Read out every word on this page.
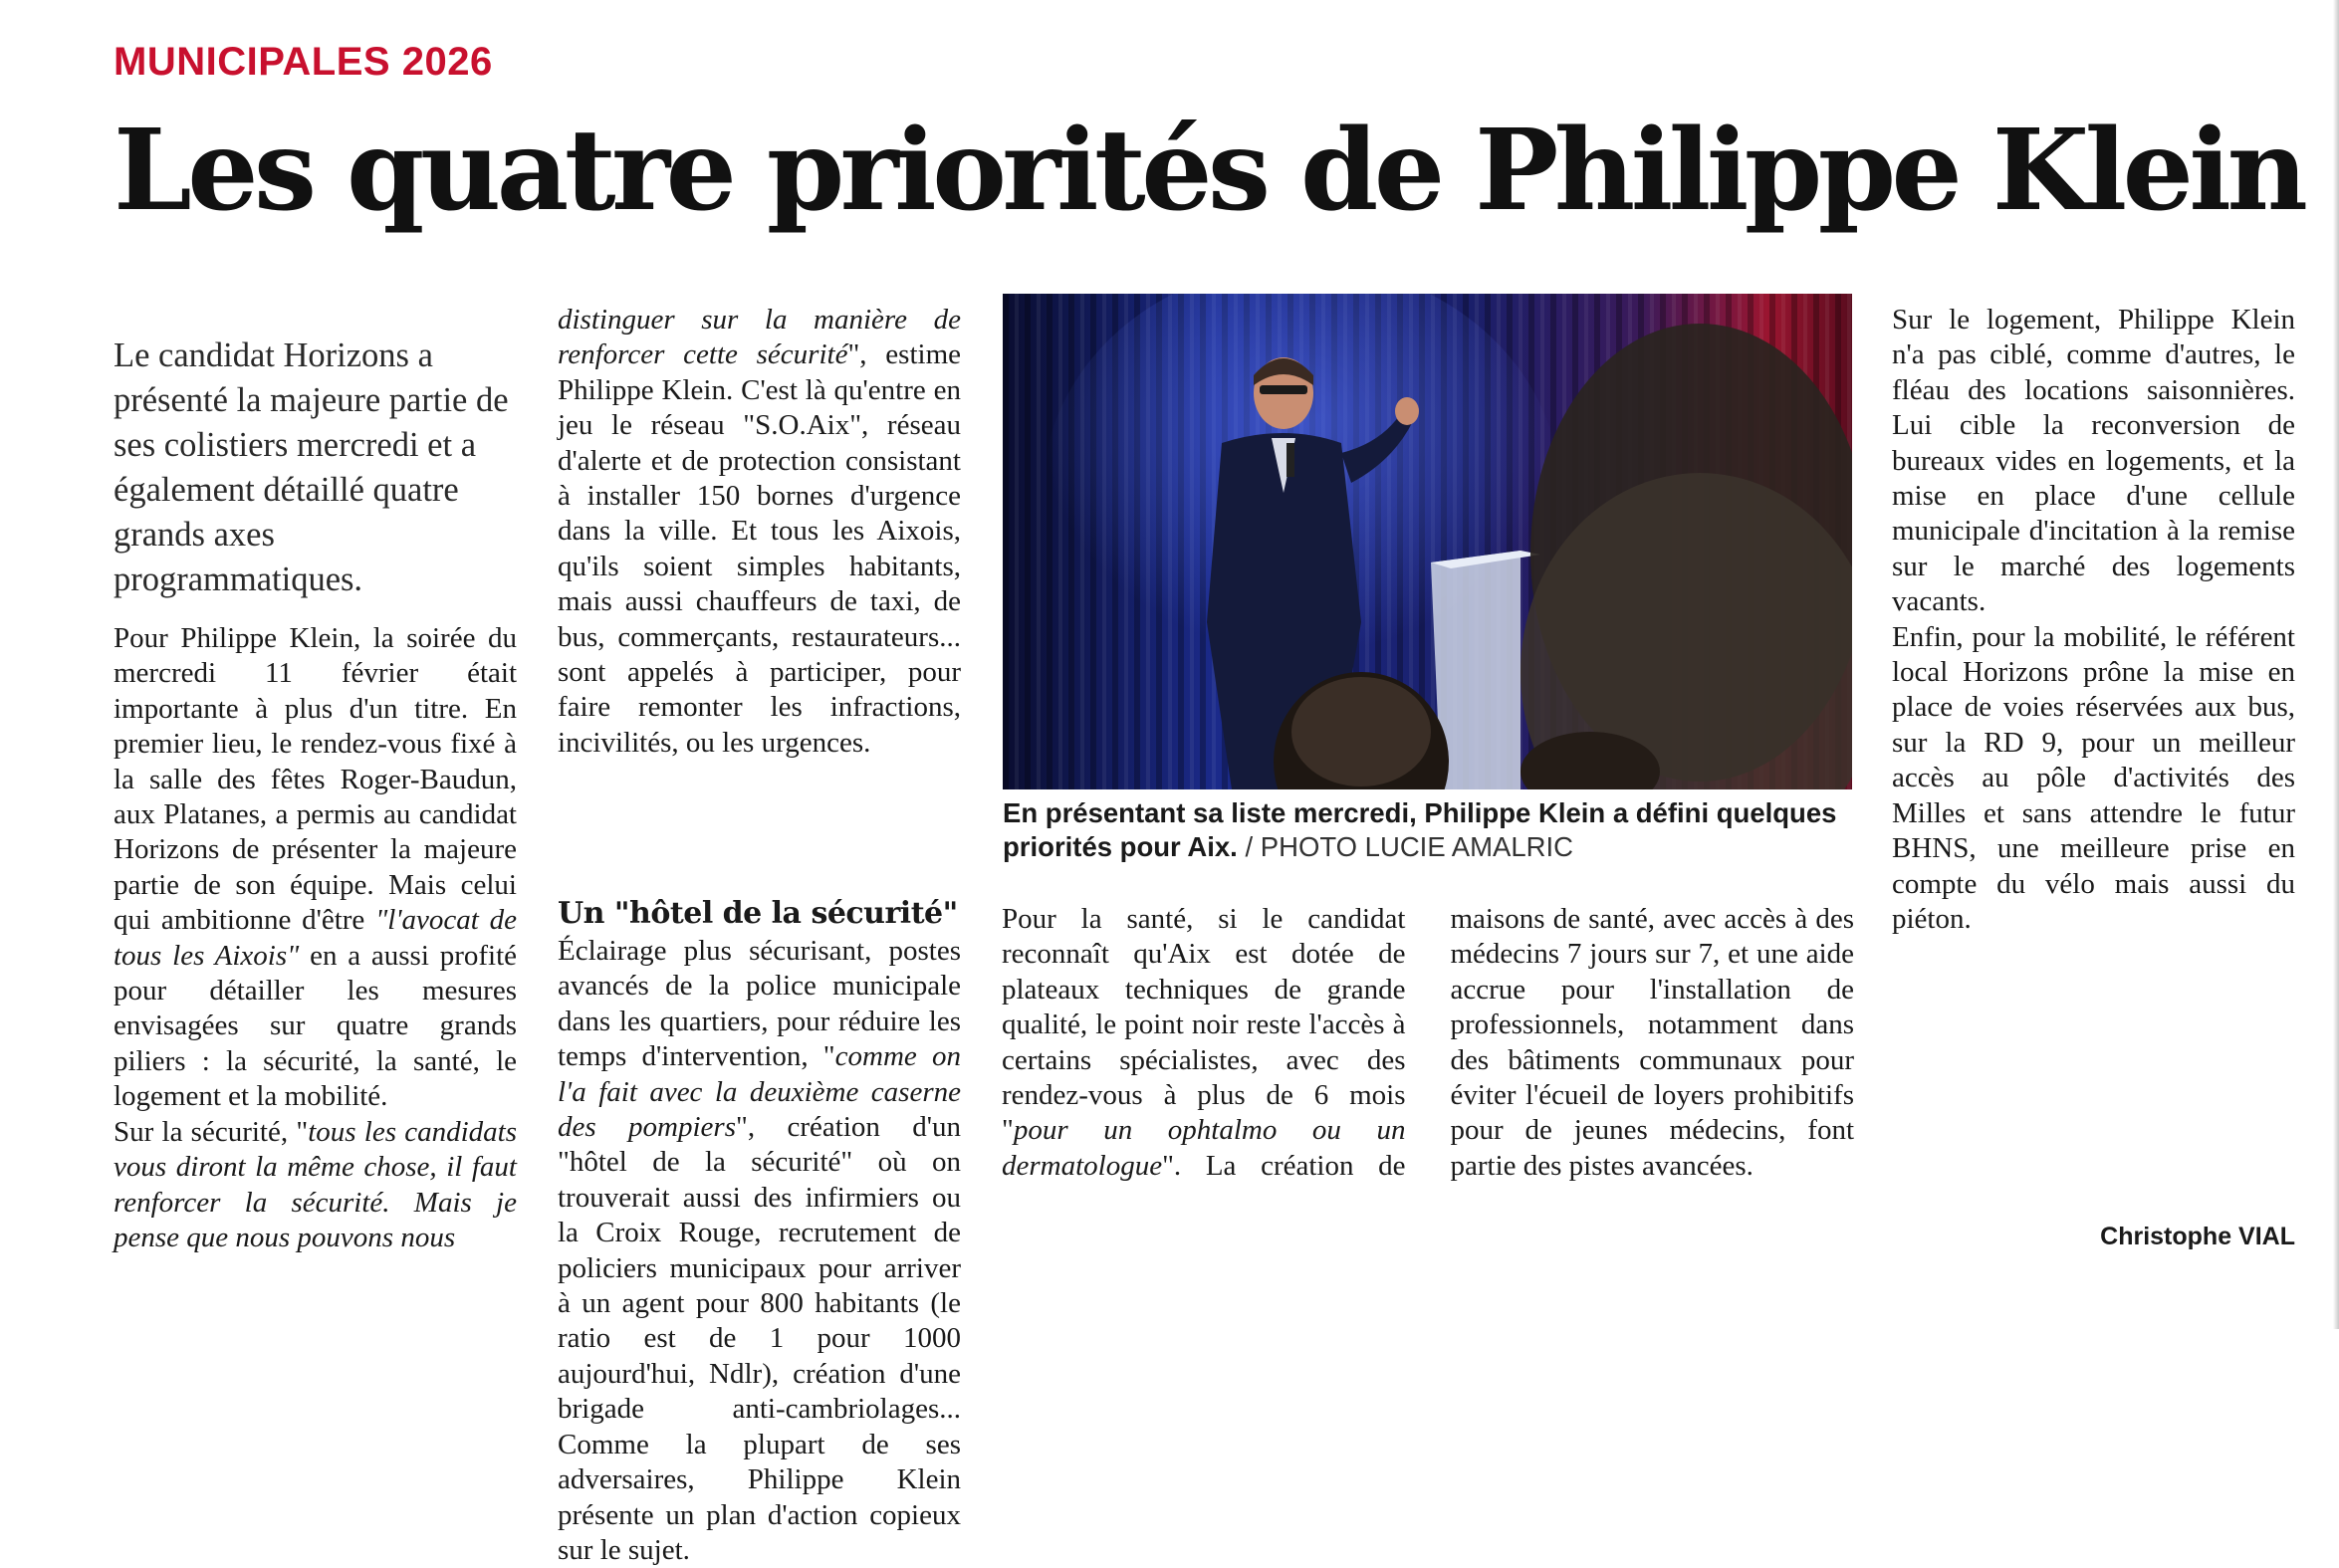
MUNICIPALES 2026
Les quatre priorités de Philippe Klein

Le candidat Horizons a présenté la majeure partie de ses colistiers mercredi et a également détaillé quatre grands axes programmatiques.

Pour Philippe Klein, la soirée du mercredi 11 février était importante à plus d'un titre. En premier lieu, le rendez-vous fixé à la salle des fêtes Roger-Baudun, aux Platanes, a permis au candidat Horizons de présenter la majeure partie de son équipe. Mais celui qui ambitionne d'être "l'avocat de tous les Aixois" en a aussi profité pour détailler les mesures envisagées sur quatre grands piliers : la sécurité, la santé, le logement et la mobilité.

Sur la sécurité, "tous les candidats vous diront la même chose, il faut renforcer la sécurité. Mais je pense que nous pouvons nous

Un "hôtel de la sécurité"

Éclairage plus sécurisant, postes avancés de la police municipale dans les quartiers, pour réduire les temps d'intervention, "comme on l'a fait avec la deuxième caserne des pompiers", création d'un "hôtel de la sécurité" où on trouverait aussi des infirmiers ou la Croix Rouge, recrutement de policiers municipaux pour arriver à un agent pour 800 habitants (le ratio est de 1 pour 1000 aujourd'hui, Ndlr), création d'une brigade anti-cambriolages... Comme la plupart de ses adversaires, Philippe Klein présente un plan d'action copieux sur le sujet.

Pour la santé, si le candidat reconnaît qu'Aix est dotée de plateaux techniques de grande qualité, le point noir reste l'accès à certains spécialistes, avec des rendez-vous à plus de 6 mois "pour un ophtalmo ou un dermatologue". La création de maisons de santé, avec accès à des médecins 7 jours sur 7, et une aide accrue pour l'installation de professionnels, notamment dans des bâtiments communaux pour éviter l'écueil de loyers prohibitifs pour de jeunes médecins, font partie des pistes avancées.

Sur le logement, Philippe Klein n'a pas ciblé, comme d'autres, le fléau des locations saisonnières. Lui cible la reconversion de bureaux vides en logements, et la mise en place d'une cellule municipale d'incitation à la remise sur le marché des logements vacants.

Enfin, pour la mobilité, le référent local Horizons prône la mise en place de voies réservées aux bus, sur la RD 9, pour un meilleur accès au pôle d'activités des Milles et sans attendre le futur BHNS, une meilleure prise en compte du vélo mais aussi du piéton.

En présentant sa liste mercredi, Philippe Klein a défini quelques priorités pour Aix. / PHOTO LUCIE AMALRIC

Christophe VIAL

distinguer sur la manière de renforcer cette sécurité", estime Philippe Klein. C'est là qu'entre en jeu le réseau "S.O.Aix", réseau d'alerte et de protection consistant à installer 150 bornes d'urgence dans la ville. Et tous les Aixois, qu'ils soient simples habitants, mais aussi chauffeurs de taxi, de bus, commerçants, restaurateurs... sont appelés à participer, pour faire remonter les infractions, incivilités, ou les urgences.
